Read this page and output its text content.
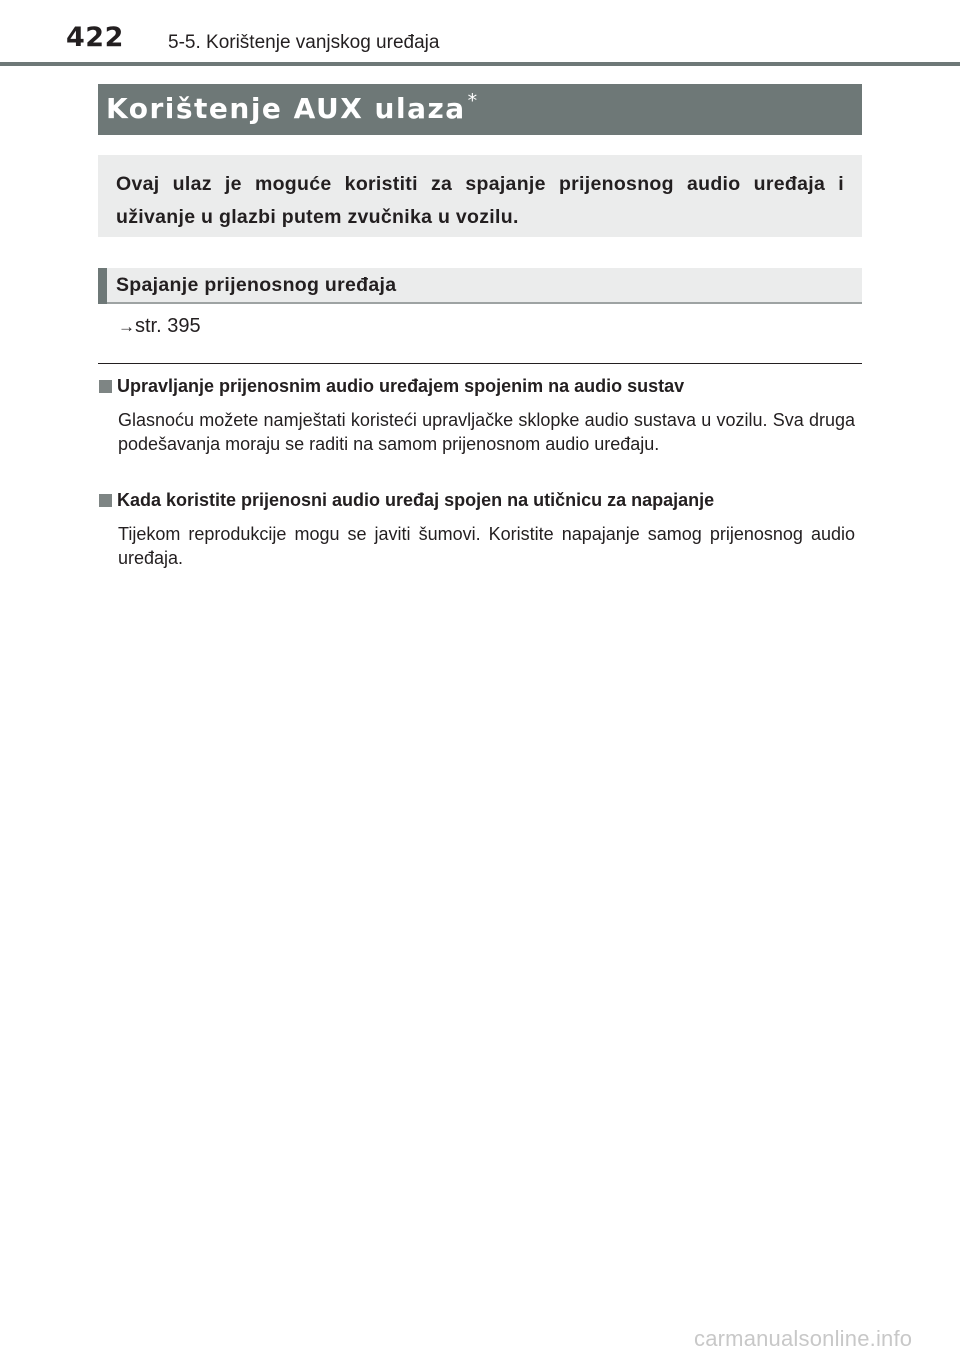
422 5-5. Korištenje vanjskog uređaja
Korištenje AUX ulaza *

Ovaj ulaz je moguće koristiti za spajanje prijenosnog audio uređaja i uživanje u glazbi putem zvučnika u vozilu.

Spajanje prijenosnog uređaja
→str. 395
Upravljanje prijenosnim audio uređajem spojenim na audio sustav
Glasnoću možete namještati koristeći upravljačke sklopke audio sustava u vozilu. Sva druga podešavanja moraju se raditi na samom prijenosnom audio uređaju.
Kada koristite prijenosni audio uređaj spojen na utičnicu za napajanje
Tijekom reprodukcije mogu se javiti šumovi. Koristite napajanje samog prijenosnog audio uređaja.
carmanualsonline.info
